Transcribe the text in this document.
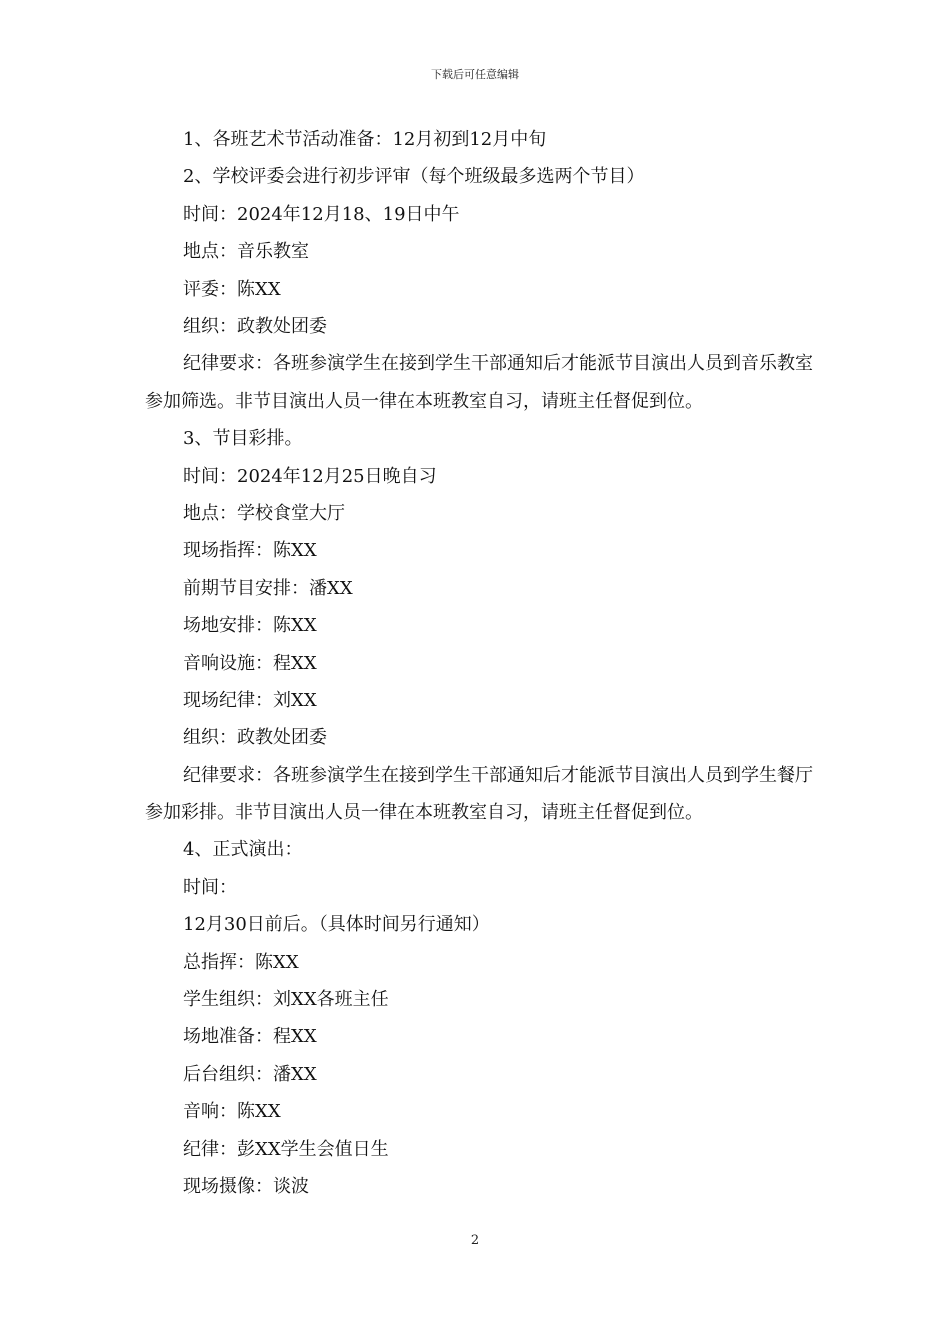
下载后可任意编辑
1、各班艺术节活动准备：12月初到12月中旬
2、学校评委会进行初步评审（每个班级最多选两个节目）
时间：2024年12月18、19日中午
地点：音乐教室
评委：陈XX
组织：政教处团委
纪律要求：各班参演学生在接到学生干部通知后才能派节目演出人员到音乐教室参加筛选。非节目演出人员一律在本班教室自习，请班主任督促到位。
3、节目彩排。
时间：2024年12月25日晚自习
地点：学校食堂大厅
现场指挥：陈XX
前期节目安排：潘XX
场地安排：陈XX
音响设施：程XX
现场纪律：刘XX
组织：政教处团委
纪律要求：各班参演学生在接到学生干部通知后才能派节目演出人员到学生餐厅参加彩排。非节目演出人员一律在本班教室自习，请班主任督促到位。
4、正式演出：
时间：
12月30日前后。（具体时间另行通知）
总指挥：陈XX
学生组织：刘XX各班主任
场地准备：程XX
后台组织：潘XX
音响：陈XX
纪律：彭XX学生会值日生
现场摄像：谈波
2
